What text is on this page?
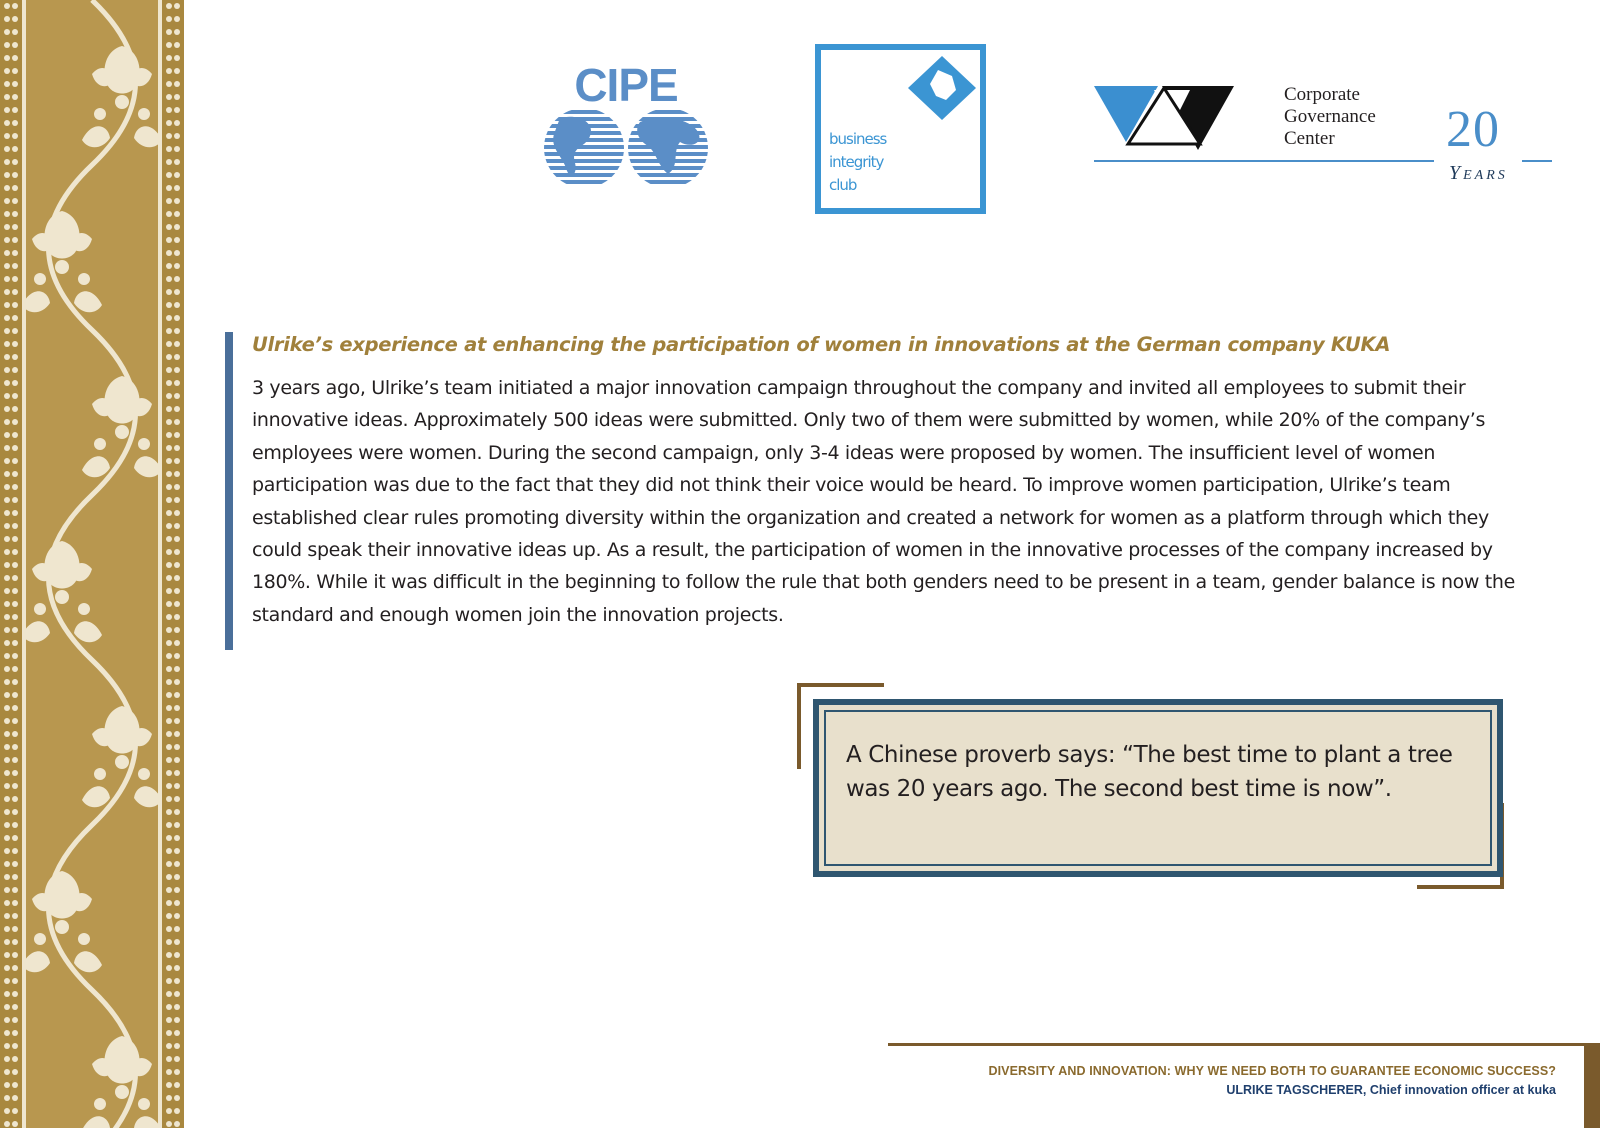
CIPE
business
integrity
club
Corporate
Governance
Center	20
Years
Ulrike’s experience at enhancing the participation of women in innovations at the German company KUKA
3 years ago, Ulrike’s team initiated a major innovation campaign throughout the company and invited all employees to submit their innovative ideas. Approximately 500 ideas were submitted. Only two of them were submitted by women, while 20% of the company’s employees were women. During the second campaign, only 3-4 ideas were proposed by women. The insufficient level of women participation was due to the fact that they did not think their voice would be heard. To improve women participation, Ulrike’s team established clear rules promoting diversity within the organization and created a network for women as a platform through which they could speak their innovative ideas up. As a result, the participation of women in the innovative processes of the company increased by 180%. While it was difficult in the beginning to follow the rule that both genders need to be present in a team, gender balance is now the standard and enough women join the innovation projects.
A Chinese proverb says: “The best time to plant a tree was 20 years ago. The second best time is now”.
DIVERSITY AND INNOVATION: WHY WE NEED BOTH TO GUARANTEE ECONOMIC SUCCESS?
ULRIKE TAGSCHERER, Chief innovation officer at kuka
